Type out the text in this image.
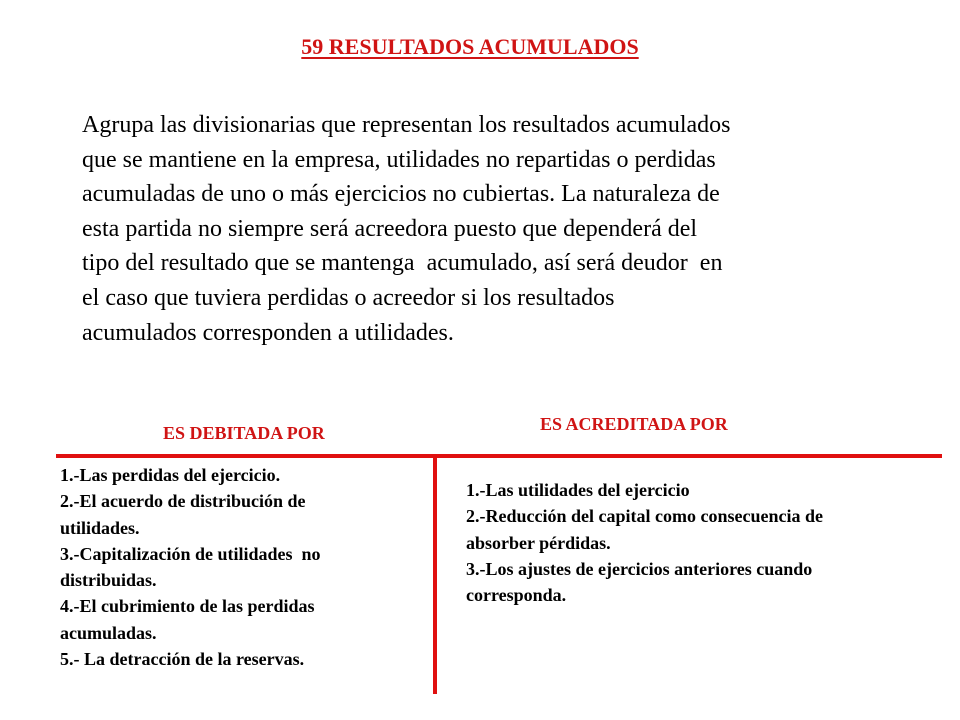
59 RESULTADOS ACUMULADOS

Agrupa las divisionarias que representan los resultados acumulados
que se mantiene en la empresa, utilidades no repartidas o perdidas
acumuladas de uno o más ejercicios no cubiertas. La naturaleza de
esta partida no siempre será acreedora puesto que dependerá del
tipo del resultado que se mantenga  acumulado, así será deudor  en
el caso que tuviera perdidas o acreedor si los resultados
acumulados corresponden a utilidades.

ES DEBITADA POR	ES ACREDITADA POR
1.-Las perdidas del ejercicio.
2.-El acuerdo de distribución de
utilidades.
3.-Capitalización de utilidades  no
distribuidas.
4.-El cubrimiento de las perdidas
acumuladas.
5.- La detracción de la reservas.
1.-Las utilidades del ejercicio
2.-Reducción del capital como consecuencia de
absorber pérdidas.
3.-Los ajustes de ejercicios anteriores cuando
corresponda.
